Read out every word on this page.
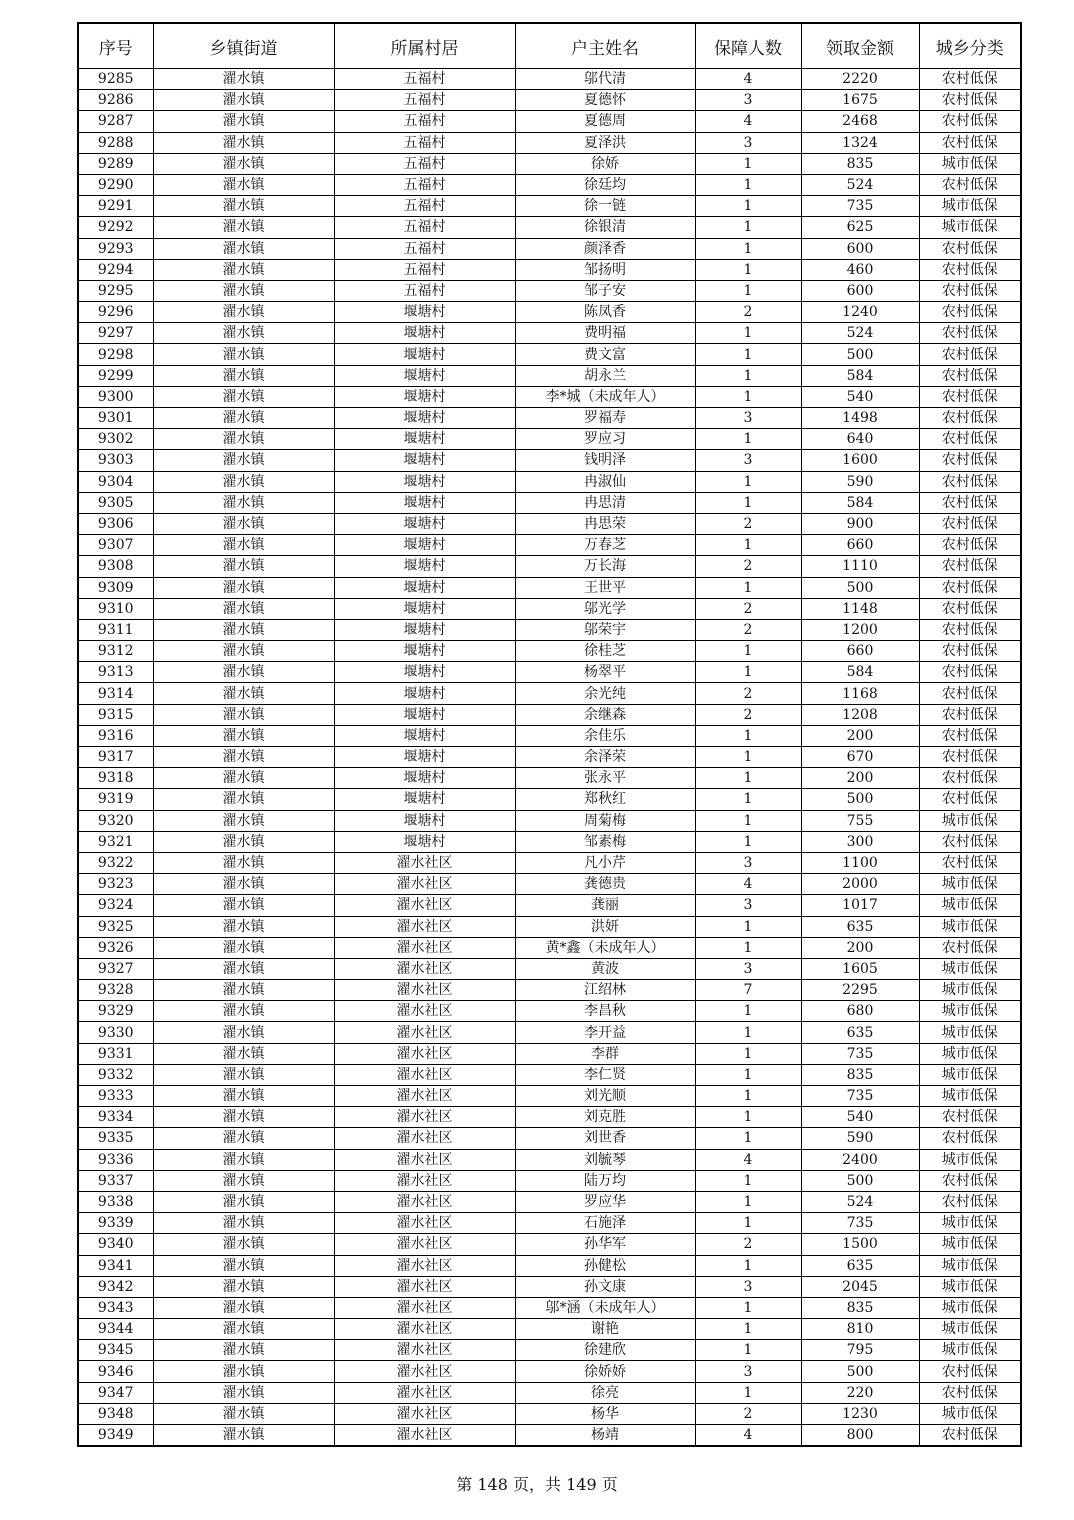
序号	乡镇街道	所属村居	户主姓名	保障人数	领取金额	城乡分类
9285	濯水镇	五福村	邬代清	4	2220	农村低保
9286	濯水镇	五福村	夏德怀	3	1675	农村低保
9287	濯水镇	五福村	夏德周	4	2468	农村低保
9288	濯水镇	五福村	夏泽洪	3	1324	农村低保
9289	濯水镇	五福村	徐娇	1	835	城市低保
9290	濯水镇	五福村	徐廷均	1	524	农村低保
9291	濯水镇	五福村	徐一链	1	735	城市低保
9292	濯水镇	五福村	徐银清	1	625	城市低保
9293	濯水镇	五福村	颜泽香	1	600	农村低保
9294	濯水镇	五福村	邹扬明	1	460	农村低保
9295	濯水镇	五福村	邹子安	1	600	农村低保
9296	濯水镇	堰塘村	陈凤香	2	1240	农村低保
9297	濯水镇	堰塘村	费明福	1	524	农村低保
9298	濯水镇	堰塘村	费文富	1	500	农村低保
9299	濯水镇	堰塘村	胡永兰	1	584	农村低保
9300	濯水镇	堰塘村	李*城（未成年人）	1	540	农村低保
9301	濯水镇	堰塘村	罗福寿	3	1498	农村低保
9302	濯水镇	堰塘村	罗应习	1	640	农村低保
9303	濯水镇	堰塘村	钱明泽	3	1600	农村低保
9304	濯水镇	堰塘村	冉淑仙	1	590	农村低保
9305	濯水镇	堰塘村	冉思清	1	584	农村低保
9306	濯水镇	堰塘村	冉思荣	2	900	农村低保
9307	濯水镇	堰塘村	万春芝	1	660	农村低保
9308	濯水镇	堰塘村	万长海	2	1110	农村低保
9309	濯水镇	堰塘村	王世平	1	500	农村低保
9310	濯水镇	堰塘村	邬光学	2	1148	农村低保
9311	濯水镇	堰塘村	邬荣宇	2	1200	农村低保
9312	濯水镇	堰塘村	徐桂芝	1	660	农村低保
9313	濯水镇	堰塘村	杨翠平	1	584	农村低保
9314	濯水镇	堰塘村	余光纯	2	1168	农村低保
9315	濯水镇	堰塘村	余继森	2	1208	农村低保
9316	濯水镇	堰塘村	余佳乐	1	200	农村低保
9317	濯水镇	堰塘村	余泽荣	1	670	农村低保
9318	濯水镇	堰塘村	张永平	1	200	农村低保
9319	濯水镇	堰塘村	郑秋红	1	500	农村低保
9320	濯水镇	堰塘村	周菊梅	1	755	城市低保
9321	濯水镇	堰塘村	邹素梅	1	300	农村低保
9322	濯水镇	濯水社区	凡小芹	3	1100	农村低保
9323	濯水镇	濯水社区	龚德贵	4	2000	城市低保
9324	濯水镇	濯水社区	龚丽	3	1017	城市低保
9325	濯水镇	濯水社区	洪妍	1	635	城市低保
9326	濯水镇	濯水社区	黄*鑫（未成年人）	1	200	农村低保
9327	濯水镇	濯水社区	黄波	3	1605	城市低保
9328	濯水镇	濯水社区	江绍林	7	2295	城市低保
9329	濯水镇	濯水社区	李昌秋	1	680	城市低保
9330	濯水镇	濯水社区	李开益	1	635	城市低保
9331	濯水镇	濯水社区	李群	1	735	城市低保
9332	濯水镇	濯水社区	李仁贤	1	835	城市低保
9333	濯水镇	濯水社区	刘光顺	1	735	城市低保
9334	濯水镇	濯水社区	刘克胜	1	540	农村低保
9335	濯水镇	濯水社区	刘世香	1	590	农村低保
9336	濯水镇	濯水社区	刘毓琴	4	2400	城市低保
9337	濯水镇	濯水社区	陆万均	1	500	农村低保
9338	濯水镇	濯水社区	罗应华	1	524	农村低保
9339	濯水镇	濯水社区	石施泽	1	735	城市低保
9340	濯水镇	濯水社区	孙华军	2	1500	城市低保
9341	濯水镇	濯水社区	孙健松	1	635	城市低保
9342	濯水镇	濯水社区	孙文康	3	2045	城市低保
9343	濯水镇	濯水社区	邬*涵（未成年人）	1	835	城市低保
9344	濯水镇	濯水社区	谢艳	1	810	城市低保
9345	濯水镇	濯水社区	徐建欣	1	795	城市低保
9346	濯水镇	濯水社区	徐娇娇	3	500	农村低保
9347	濯水镇	濯水社区	徐亮	1	220	农村低保
9348	濯水镇	濯水社区	杨华	2	1230	城市低保
9349	濯水镇	濯水社区	杨靖	4	800	农村低保
第 148 页，共 149 页
